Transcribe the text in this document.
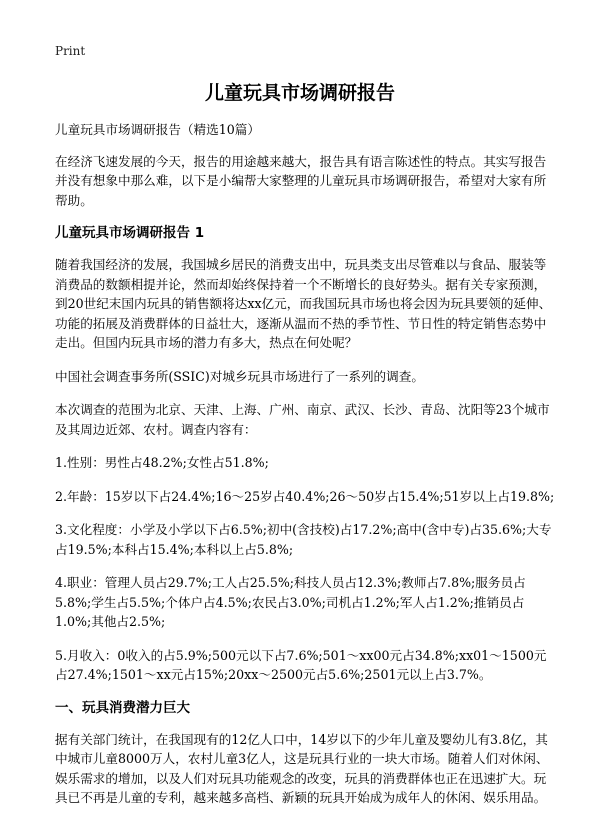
Print
儿童玩具市场调研报告

儿童玩具市场调研报告（精选10篇）

在经济飞速发展的今天，报告的用途越来越大，报告具有语言陈述性的特点。其实写报告并没有想象中那么难，以下是小编帮大家整理的儿童玩具市场调研报告，希望对大家有所帮助。

儿童玩具市场调研报告 1

随着我国经济的发展，我国城乡居民的消费支出中，玩具类支出尽管难以与食品、服装等消费品的数额相提并论，然而却始终保持着一个不断增长的良好势头。据有关专家预测，到20世纪末国内玩具的销售额将达xx亿元，而我国玩具市场也将会因为玩具要领的延伸、功能的拓展及消费群体的日益壮大，逐渐从温而不热的季节性、节日性的特定销售态势中走出。但国内玩具市场的潜力有多大，热点在何处呢？

中国社会调查事务所(SSIC)对城乡玩具市场进行了一系列的调查。

本次调查的范围为北京、天津、上海、广州、南京、武汉、长沙、青岛、沈阳等23个城市及其周边近郊、农村。调查内容有：

1.性别：男性占48.2%;女性占51.8%;

2.年龄：15岁以下占24.4%;16～25岁占40.4%;26～50岁占15.4%;51岁以上占19.8%;

3.文化程度：小学及小学以下占6.5%;初中(含技校)占17.2%;高中(含中专)占35.6%;大专占19.5%;本科占15.4%;本科以上占5.8%;

4.职业：管理人员占29.7%;工人占25.5%;科技人员占12.3%;教师占7.8%;服务员占5.8%;学生占5.5%;个体户占4.5%;农民占3.0%;司机占1.2%;军人占1.2%;推销员占1.0%;其他占2.5%;

5.月收入：0收入的占5.9%;500元以下占7.6%;501～xx00元占34.8%;xx01～1500元占27.4%;1501～xx元占15%;20xx～2500元占5.6%;2501元以上占3.7%。

一、玩具消费潜力巨大

据有关部门统计，在我国现有的12亿人口中，14岁以下的少年儿童及婴幼儿有3.8亿，其中城市儿童8000万人，农村儿童3亿人，这是玩具行业的一块大市场。随着人们对休闲、娱乐需求的增加，以及人们对玩具功能观念的改变，玩具的消费群体也正在迅速扩大。玩具已不再是儿童的专利，越来越多高档、新颖的玩具开始成为成年人的休闲、娱乐用品。
